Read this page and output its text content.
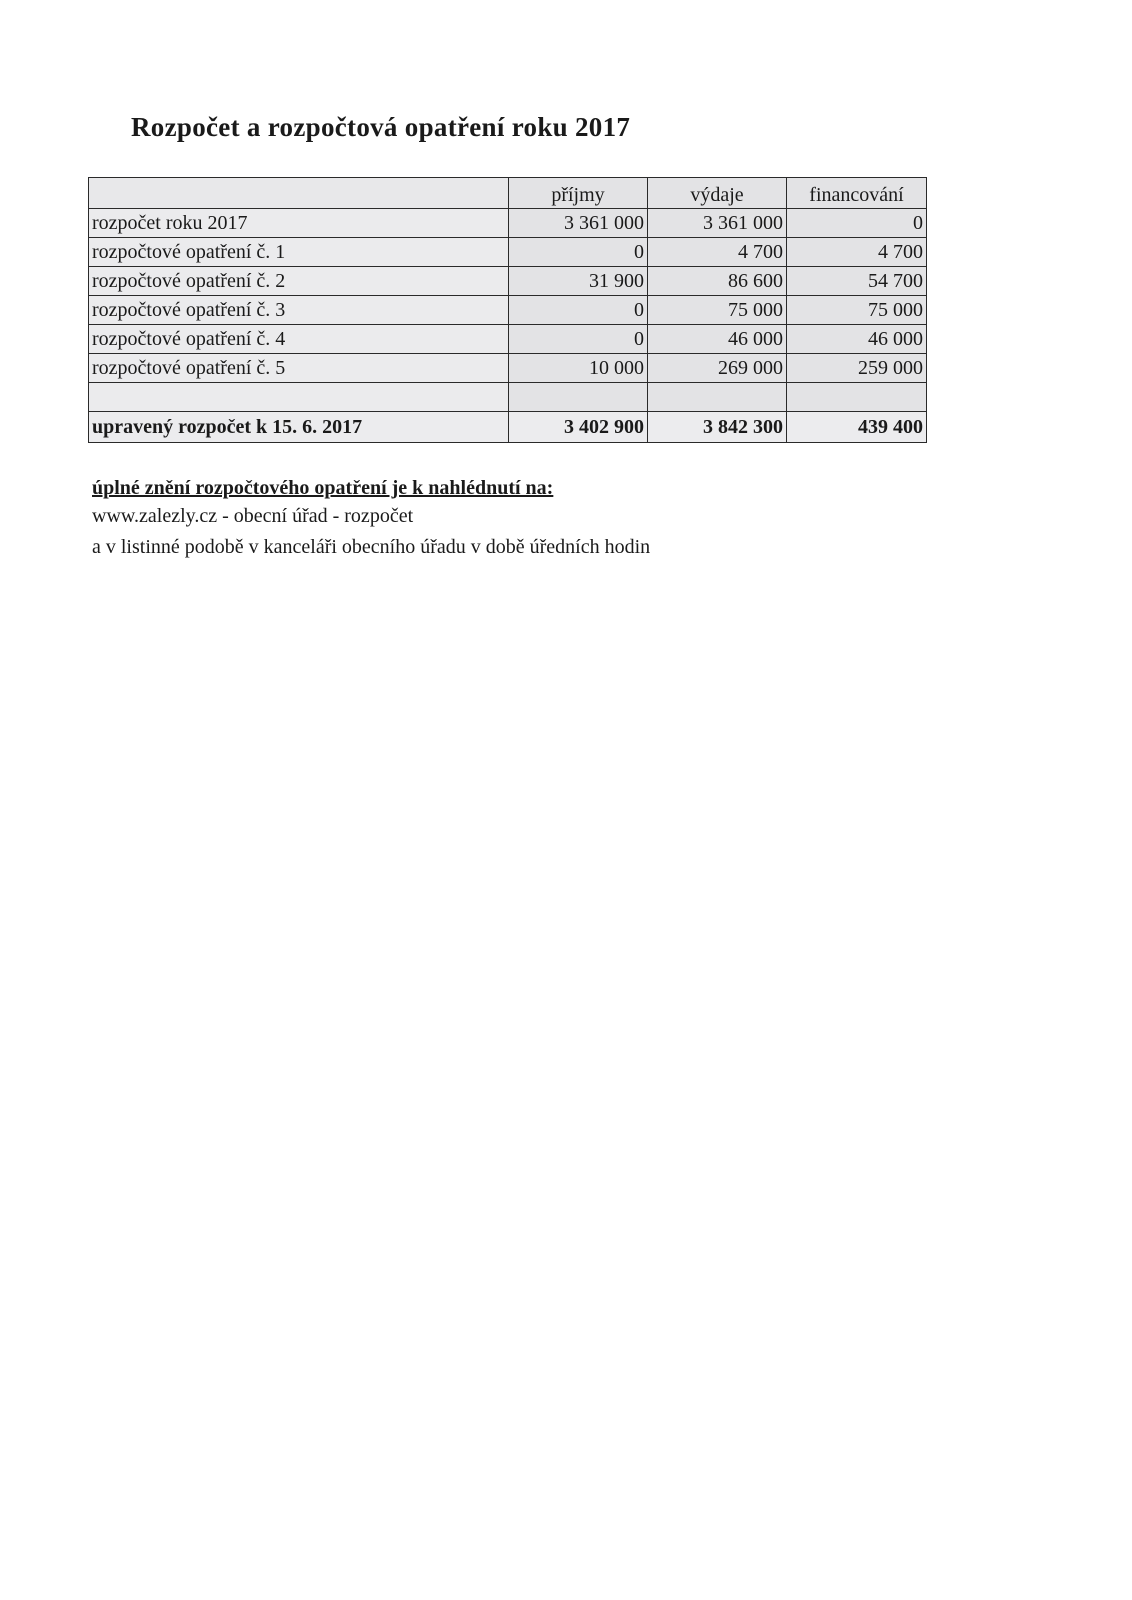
Rozpočet a rozpočtová opatření roku 2017
	příjmy	výdaje	financování
rozpočet roku 2017	3 361 000	3 361 000	0
rozpočtové opatření č. 1	0	4 700	4 700
rozpočtové opatření č. 2	31 900	86 600	54 700
rozpočtové opatření č. 3	0	75 000	75 000
rozpočtové opatření č. 4	0	46 000	46 000
rozpočtové opatření č. 5	10 000	269 000	259 000

upravený rozpočet k 15. 6. 2017	3 402 900	3 842 300	439 400
úplné znění rozpočtového opatření je k nahlédnutí na:
www.zalezly.cz - obecní úřad - rozpočet
a v listinné podobě v kanceláři obecního úřadu v době úředních hodin
